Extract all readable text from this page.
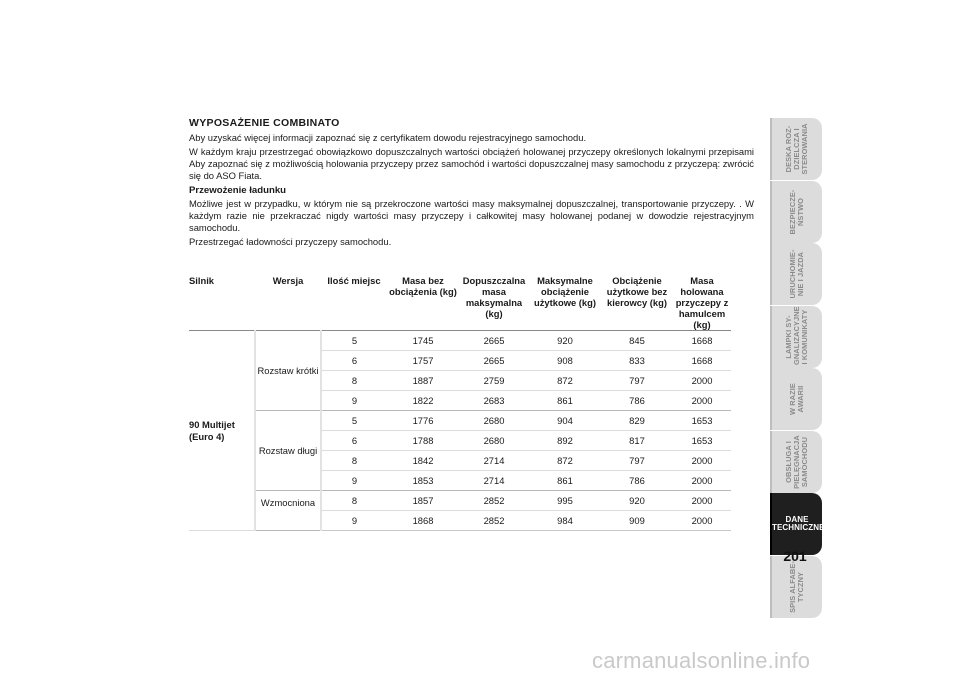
WYPOSAŻENIE COMBINATO

Aby uzyskać więcej informacji zapoznać się z certyfikatem dowodu rejestracyjnego samochodu.

W każdym kraju przestrzegać obowiązkowo dopuszczalnych wartości obciążeń holowanej przyczepy określonych lokalnymi przepisami Aby zapoznać się z możliwością holowania przyczepy przez samochód i wartości dopuszczalnej masy samochodu z przyczepą: zwrócić się do ASO Fiata.

Przewożenie ładunku

Możliwe jest w przypadku, w którym nie są przekroczone wartości masy maksymalnej dopuszczalnej, transportowanie przyczepy. . W każdym razie nie przekraczać nigdy wartości masy przyczepy i całkowitej masy holowanej podanej w dowodzie rejestracyjnym samochodu.

Przestrzegać ładowności przyczepy samochodu.

Silnik	Wersja	Ilość miejsc	Masa bez obciążenia (kg)	Dopuszczalna masa maksymalna (kg)	Maksymalne obciążenie użytkowe (kg)	Obciążenie użytkowe bez kierowcy (kg)	Masa holowana przyczepy z hamulcem (kg)
90 Multijet (Euro 4)	Rozstaw krótki	5	1745	2665	920	845	1668
		6	1757	2665	908	833	1668
		8	1887	2759	872	797	2000
		9	1822	2683	861	786	2000
	Rozstaw długi	5	1776	2680	904	829	1653
		6	1788	2680	892	817	1653
		8	1842	2714	872	797	2000
		9	1853	2714	861	786	2000
	Wzmocniona	8	1857	2852	995	920	2000
		9	1868	2852	984	909	2000
DESKA ROZ-DZIELCZA I STEROWANIA
BEZPIECZE-ŃSTWO
URUCHOMIE-NIE I JAZDA
LAMPKI SY-GNALIZACYJNE I KOMUNIKATY
W RAZIE AWARII
OBSŁUGA I PIELĘGNACJA SAMOCHODU
DANE TECHNICZNE
SPIS ALFABE-TYCZNY
201
carmanualsonline.info
